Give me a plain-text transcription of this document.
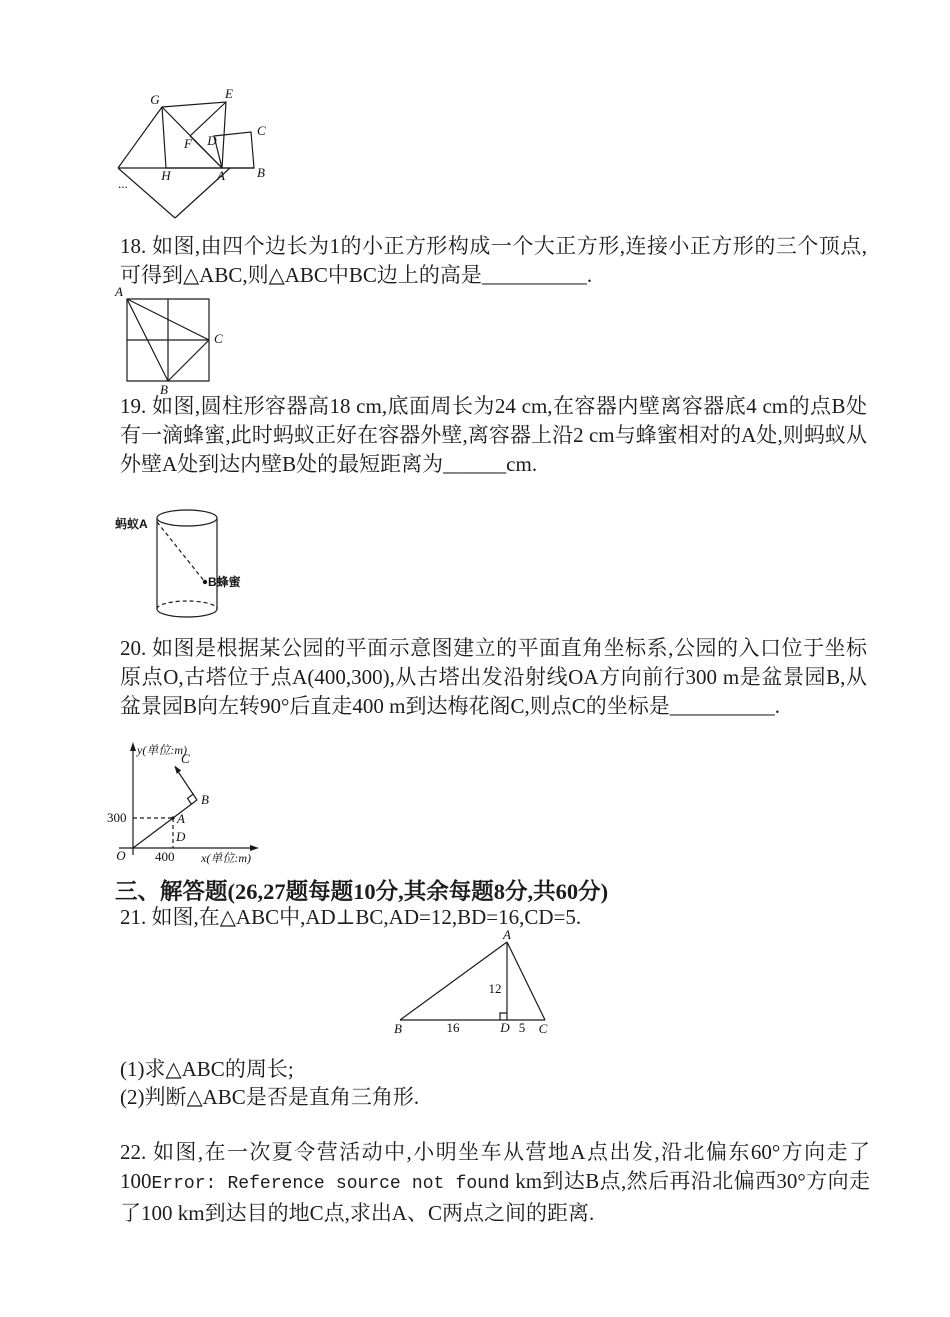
G	E
C
F D
H	A B
...

18. 如图,由四个边长为1的小正方形构成一个大正方形,连接小正方形的三个顶点,可得到△ABC,则△ABC中BC边上的高是__________.

A
C
B

19. 如图,圆柱形容器高18 cm,底面周长为24 cm,在容器内壁离容器底4 cm的点B处有一滴蜂蜜,此时蚂蚁正好在容器外壁,离容器上沿2 cm与蜂蜜相对的A处,则蚂蚁从外壁A处到达内壁B处的最短距离为______cm.

蚂蚁A
B蜂蜜

20. 如图是根据某公园的平面示意图建立的平面直角坐标系,公园的入口位于坐标原点O,古塔位于点A(400,300),从古塔出发沿射线OA方向前行300 m是盆景园B,从盆景园B向左转90°后直走400 m到达梅花阁C,则点C的坐标是__________.

y(单位:m)
x(单位:m)
O
C
B
A
D
300
400
三、解答题(26,27题每题10分,其余每题8分,共60分)

21. 如图,在△ABC中,AD⊥BC,AD=12,BD=16,CD=5.

A
B	D C
12
16	5

(1)求△ABC的周长;

(2)判断△ABC是否是直角三角形.

22. 如图,在一次夏令营活动中,小明坐车从营地A点出发,沿北偏东60°方向走了100Error: Reference source not found km到达B点,然后再沿北偏西30°方向走了100 km到达目的地C点,求出A、C两点之间的距离.
